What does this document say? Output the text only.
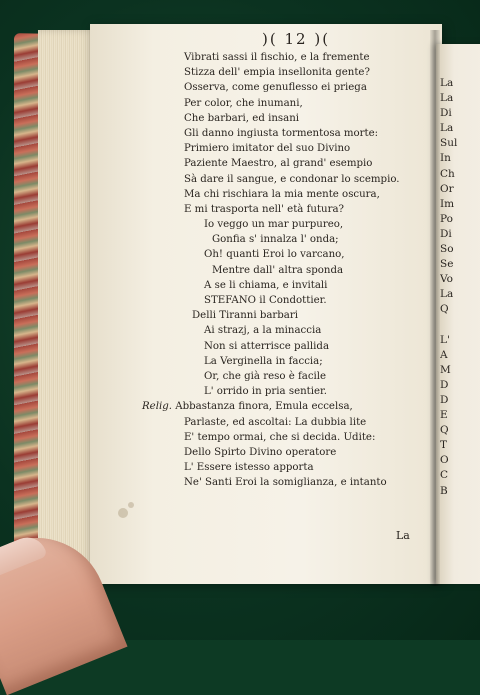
)( 12 )(
Vibrati sassi il fischio, e la fremente
Stizza dell' empia insellonita gente?
Osserva, come genuflesso ei priega
Per color, che inumani,
Che barbari, ed insani
Gli danno ingiusta tormentosa morte:
Primiero imitator del suo Divino
Paziente Maestro, al grand' esempio
Sà dare il sangue, e condonar lo scempio.
Ma chi rischiara la mia mente oscura,
E mi trasporta nell' età futura?
Io veggo un mar purpureo,
Gonfia s' innalza l' onda;
Oh! quanti Eroi lo varcano,
Mentre dall' altra sponda
A se li chiama, e invitali
STEFANO il Condottier.
Delli Tiranni barbari
Ai strazj, a la minaccia
Non si atterrisce pallida
La Verginella in faccia;
Or, che già reso è facile
L' orrido in pria sentier.
Relig. Abbastanza finora, Emula eccelsa,
Parlaste, ed ascoltai: La dubbia lite
E' tempo ormai, che si decida. Udite:
Dello Spirto Divino operatore
L' Essere istesso apporta
Ne' Santi Eroi la somiglianza, e intanto
La
La
La
Di
La
Sul
In
Ch
Or
Im
Po
Di
So
Se
Vo
La
Q
L'
A
M
D
D
E
Q
T
O
C
B
